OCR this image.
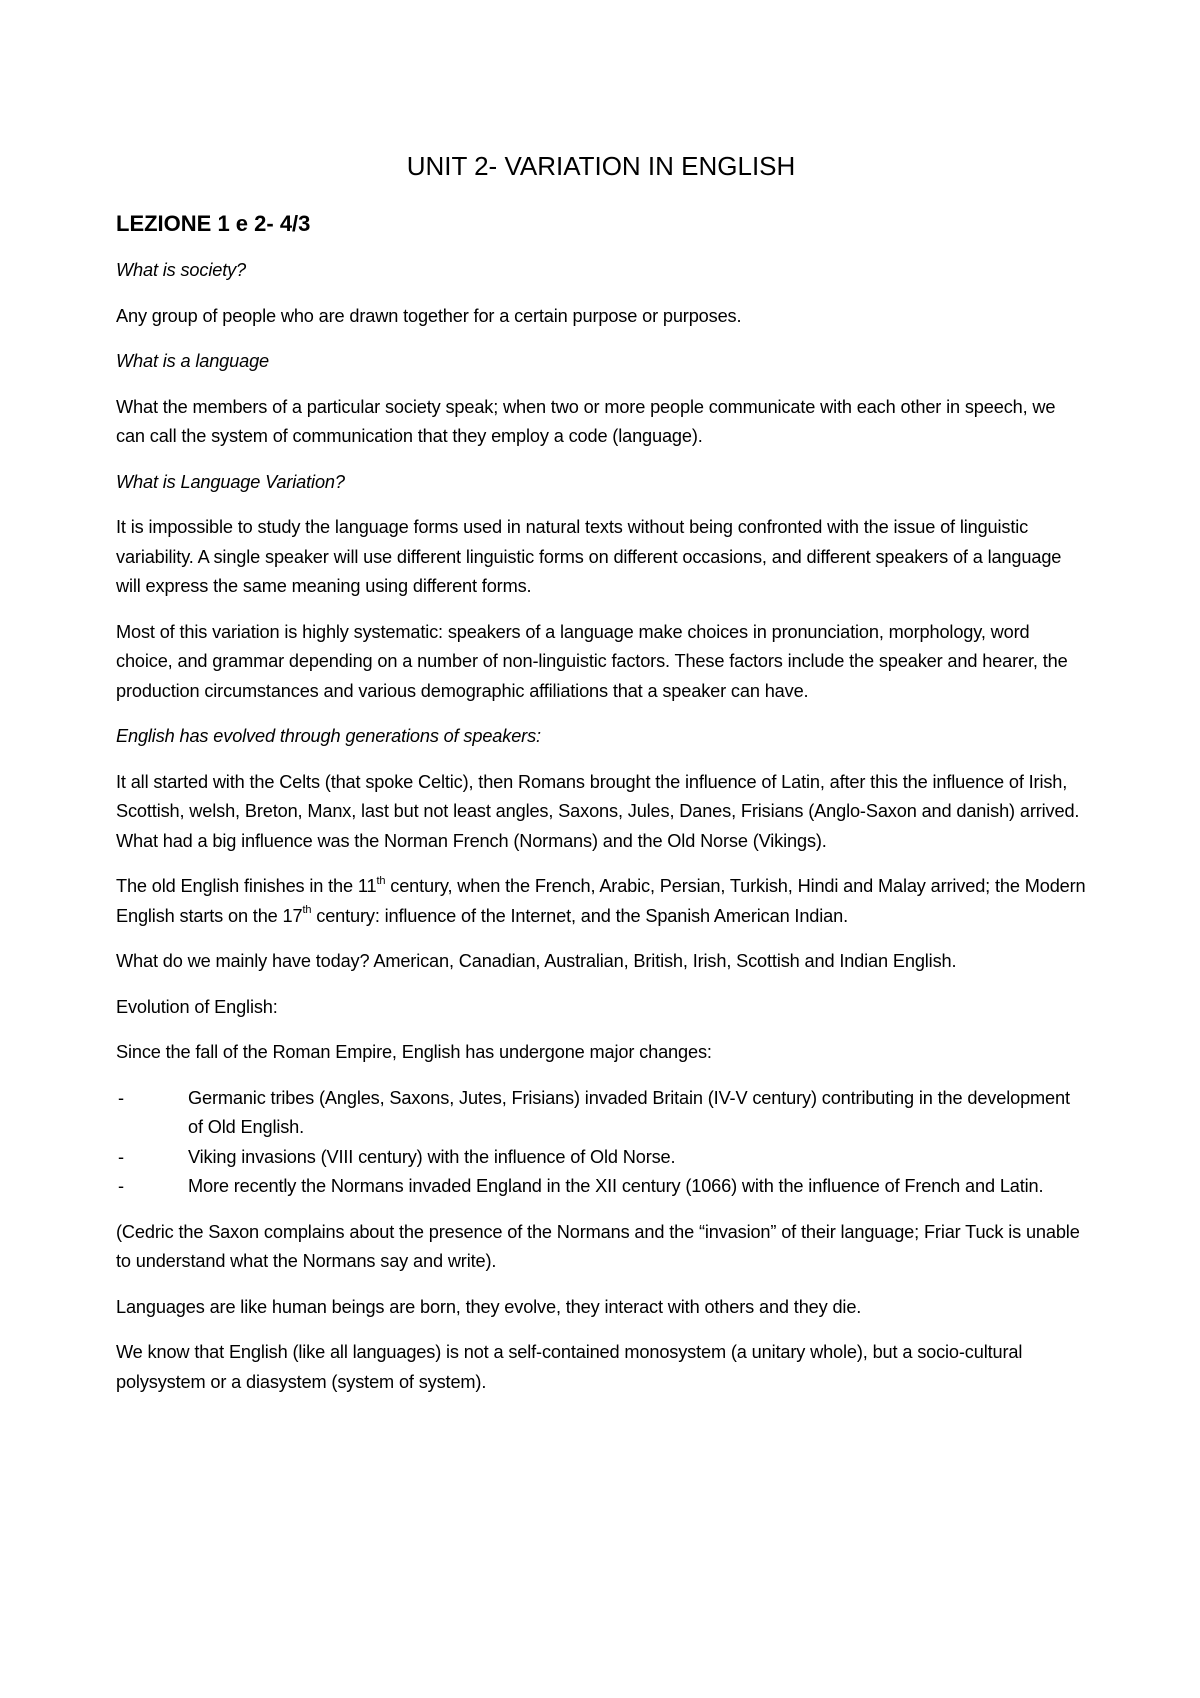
UNIT 2- VARIATION IN ENGLISH
LEZIONE 1 e 2- 4/3

What is society?

Any group of people who are drawn together for a certain purpose or purposes.

What is a language

What the members of a particular society speak; when two or more people communicate with each other in speech, we can call the system of communication that they employ a code (language).

What is Language Variation?

It is impossible to study the language forms used in natural texts without being confronted with the issue of linguistic variability. A single speaker will use different linguistic forms on different occasions, and different speakers of a language will express the same meaning using different forms.

Most of this variation is highly systematic: speakers of a language make choices in pronunciation, morphology, word choice, and grammar depending on a number of non-linguistic factors. These factors include the speaker and hearer, the production circumstances and various demographic affiliations that a speaker can have.

English has evolved through generations of speakers:

It all started with the Celts (that spoke Celtic), then Romans brought the influence of Latin, after this the influence of Irish, Scottish, welsh, Breton, Manx, last but not least angles, Saxons, Jules, Danes, Frisians (Anglo-Saxon and danish) arrived. What had a big influence was the Norman French (Normans) and the Old Norse (Vikings).

The old English finishes in the 11th century, when the French, Arabic, Persian, Turkish, Hindi and Malay arrived; the Modern English starts on the 17th century: influence of the Internet, and the Spanish American Indian.

What do we mainly have today? American, Canadian, Australian, British, Irish, Scottish and Indian English.

Evolution of English:

Since the fall of the Roman Empire, English has undergone major changes:

-	Germanic tribes (Angles, Saxons, Jutes, Frisians) invaded Britain (IV-V century) contributing in the development of Old English.
-	Viking invasions (VIII century) with the influence of Old Norse.
-	More recently the Normans invaded England in the XII century (1066) with the influence of French and Latin.

(Cedric the Saxon complains about the presence of the Normans and the “invasion” of their language; Friar Tuck is unable to understand what the Normans say and write).

Languages are like human beings are born, they evolve, they interact with others and they die.

We know that English (like all languages) is not a self-contained monosystem (a unitary whole), but a socio-cultural polysystem or a diasystem (system of system).
